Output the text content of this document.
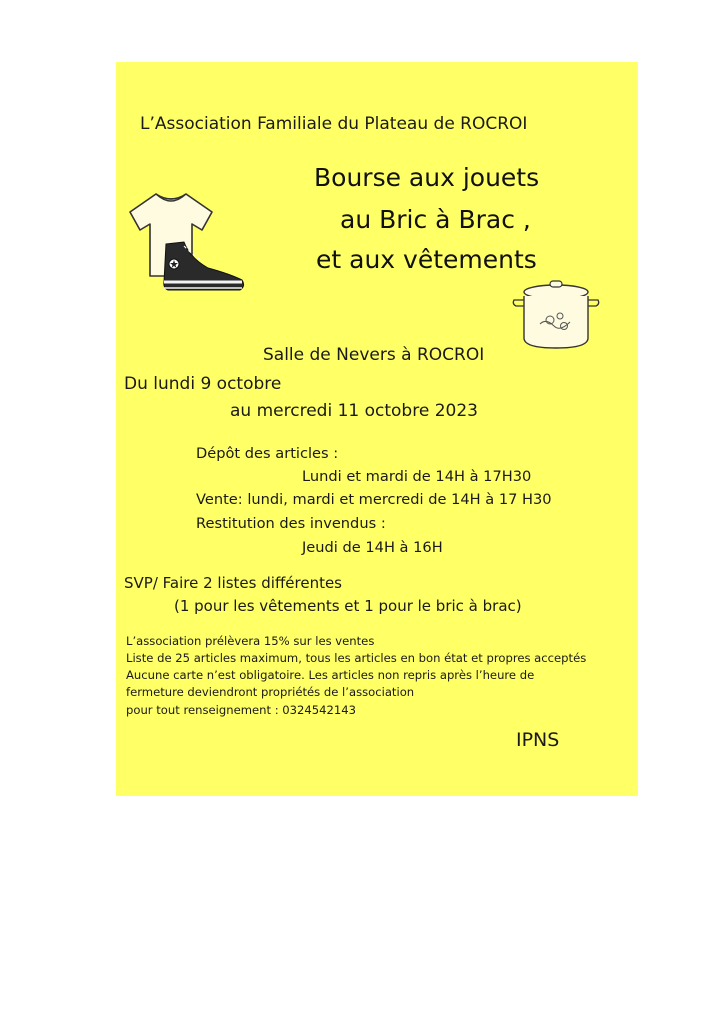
L’Association Familiale du Plateau de ROCROI
Bourse aux jouets
au Bric à Brac ,
et aux vêtements
Salle de Nevers à ROCROI
Du lundi 9 octobre
au mercredi 11 octobre 2023
Dépôt des articles :
Lundi et mardi de 14H à 17H30
Vente: lundi, mardi et mercredi de 14H à 17 H30
Restitution des invendus :
Jeudi de 14H à 16H
SVP/ Faire 2 listes différentes
(1 pour les vêtements et 1 pour le bric à brac)
L’association prélèvera 15% sur les ventes
Liste de 25 articles maximum, tous les articles en bon état et propres acceptés
Aucune carte n’est obligatoire. Les articles non repris après l’heure de
fermeture deviendront propriétés de l’association
pour tout renseignement : 0324542143
IPNS
